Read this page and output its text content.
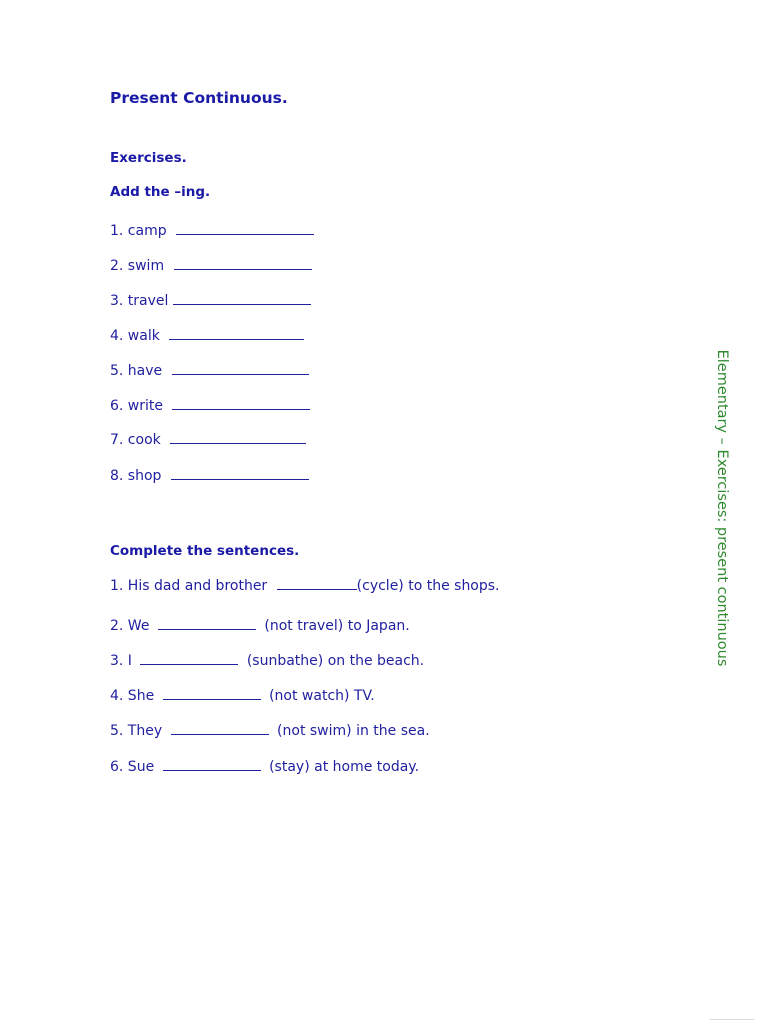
Present Continuous.
Exercises.
Add the –ing.
1. camp
2. swim
3. travel
4. walk
5. have
6. write
7. cook
8. shop
Complete the sentences.
1. His dad and brother	(cycle) to the shops.
2. We	(not travel) to Japan.
3. I	(sunbathe) on the beach.
4. She	(not watch) TV.
5. They	(not swim) in the sea.
6. Sue	(stay) at home today.
Elementary – Exercises: present continuous
